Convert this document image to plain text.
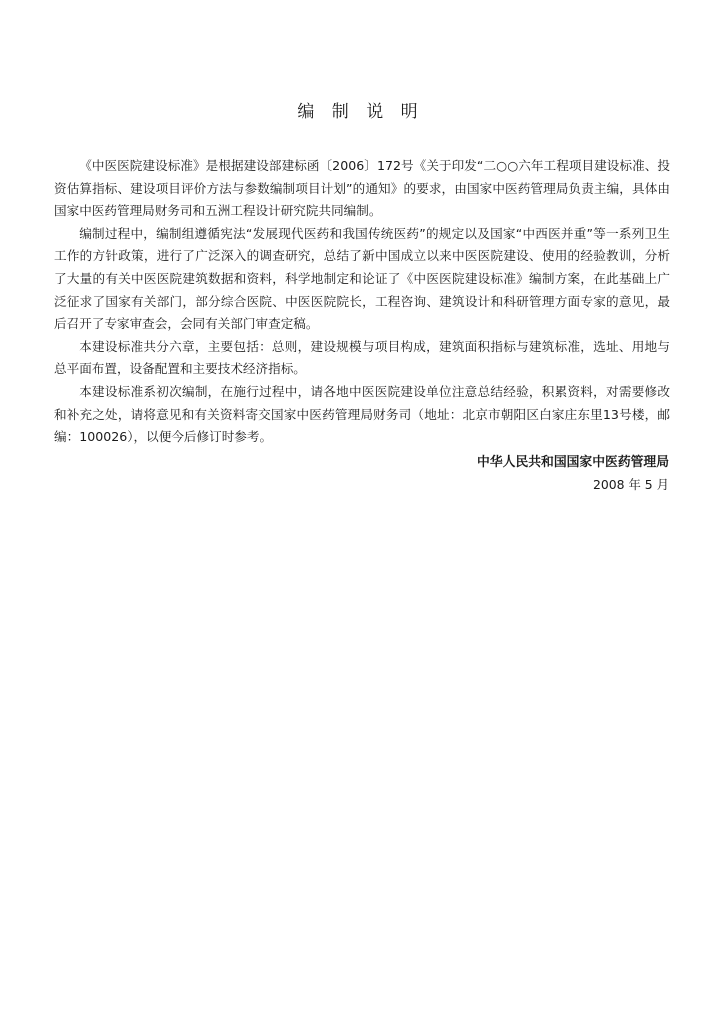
编 制 说 明

《中医医院建设标准》是根据建设部建标函〔2006〕172号《关于印发“二○○六年工程项目建设标准、投资估算指标、建设项目评价方法与参数编制项目计划”的通知》的要求，由国家中医药管理局负责主编，具体由国家中医药管理局财务司和五洲工程设计研究院共同编制。

编制过程中，编制组遵循宪法“发展现代医药和我国传统医药”的规定以及国家“中西医并重”等一系列卫生工作的方针政策，进行了广泛深入的调查研究，总结了新中国成立以来中医医院建设、使用的经验教训，分析了大量的有关中医医院建筑数据和资料，科学地制定和论证了《中医医院建设标准》编制方案，在此基础上广泛征求了国家有关部门，部分综合医院、中医医院院长，工程咨询、建筑设计和科研管理方面专家的意见，最后召开了专家审查会，会同有关部门审查定稿。

本建设标准共分六章，主要包括：总则，建设规模与项目构成，建筑面积指标与建筑标准，选址、用地与总平面布置，设备配置和主要技术经济指标。

本建设标准系初次编制，在施行过程中，请各地中医医院建设单位注意总结经验，积累资料，对需要修改和补充之处，请将意见和有关资料寄交国家中医药管理局财务司（地址：北京市朝阳区白家庄东里13号楼，邮编：100026），以便今后修订时参考。

中华人民共和国国家中医药管理局
2008 年 5 月
